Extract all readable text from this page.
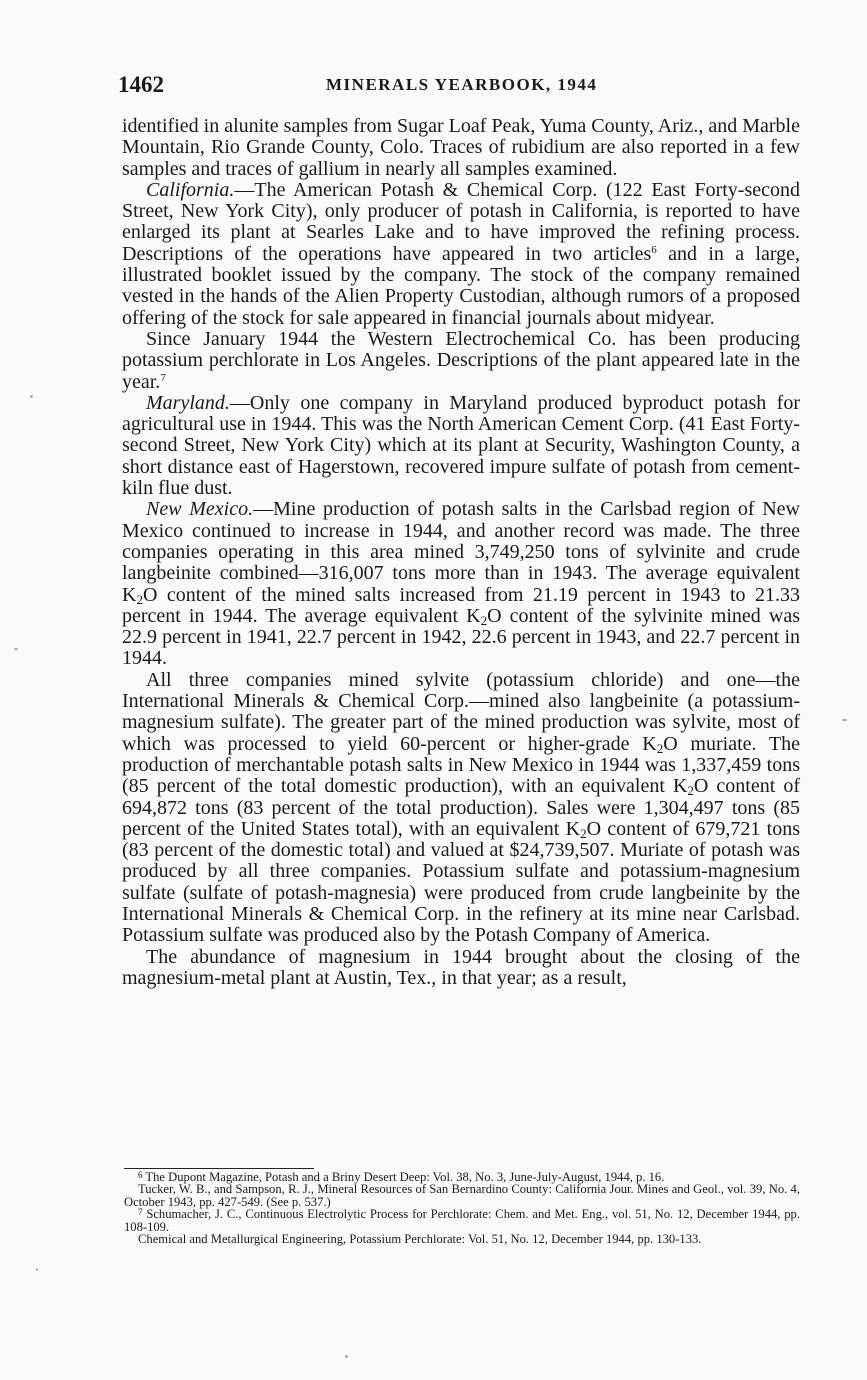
1462	MINERALS YEARBOOK, 1944

identified in alunite samples from Sugar Loaf Peak, Yuma County, Ariz., and Marble Mountain, Rio Grande County, Colo. Traces of rubidium are also reported in a few samples and traces of gallium in nearly all samples examined.

California.—The American Potash & Chemical Corp. (122 East Forty-second Street, New York City), only producer of potash in California, is reported to have enlarged its plant at Searles Lake and to have improved the refining process. Descriptions of the operations have appeared in two articles$^6$ and in a large, illustrated booklet issued by the company. The stock of the company remained vested in the hands of the Alien Property Custodian, although rumors of a proposed offering of the stock for sale appeared in financial journals about midyear.

Since January 1944 the Western Electrochemical Co. has been producing potassium perchlorate in Los Angeles. Descriptions of the plant appeared late in the year.$^7$

Maryland.—Only one company in Maryland produced byproduct potash for agricultural use in 1944. This was the North American Cement Corp. (41 East Forty-second Street, New York City) which at its plant at Security, Washington County, a short distance east of Hagerstown, recovered impure sulfate of potash from cement-kiln flue dust.

New Mexico.—Mine production of potash salts in the Carlsbad region of New Mexico continued to increase in 1944, and another record was made. The three companies operating in this area mined 3,749,250 tons of sylvinite and crude langbeinite combined—316,007 tons more than in 1943. The average equivalent $K_2O$ content of the mined salts increased from 21.19 percent in 1943 to 21.33 percent in 1944. The average equivalent $K_2O$ content of the sylvinite mined was 22.9 percent in 1941, 22.7 percent in 1942, 22.6 percent in 1943, and 22.7 percent in 1944.

All three companies mined sylvite (potassium chloride) and one—the International Minerals & Chemical Corp.—mined also langbeinite (a potassium-magnesium sulfate). The greater part of the mined production was sylvite, most of which was processed to yield 60-percent or higher-grade $K_2O$ muriate. The production of merchantable potash salts in New Mexico in 1944 was 1,337,459 tons (85 percent of the total domestic production), with an equivalent $K_2O$ content of 694,872 tons (83 percent of the total production). Sales were 1,304,497 tons (85 percent of the United States total), with an equivalent $K_2O$ content of 679,721 tons (83 percent of the domestic total) and valued at $24,739,507. Muriate of potash was produced by all three companies. Potassium sulfate and potassium-magnesium sulfate (sulfate of potash-magnesia) were produced from crude langbeinite by the International Minerals & Chemical Corp. in the refinery at its mine near Carlsbad. Potassium sulfate was produced also by the Potash Company of America.

The abundance of magnesium in 1944 brought about the closing of the magnesium-metal plant at Austin, Tex., in that year; as a result,

$^6$ The Dupont Magazine, Potash and a Briny Desert Deep: Vol. 38, No. 3, June-July-August, 1944, p. 16.

Tucker, W. B., and Sampson, R. J., Mineral Resources of San Bernardino County: California Jour. Mines and Geol., vol. 39, No. 4, October 1943, pp. 427-549. (See p. 537.)

$^7$ Schumacher, J. C., Continuous Electrolytic Process for Perchlorate: Chem. and Met. Eng., vol. 51, No. 12, December 1944, pp. 108-109.

Chemical and Metallurgical Engineering, Potassium Perchlorate: Vol. 51, No. 12, December 1944, pp. 130-133.
